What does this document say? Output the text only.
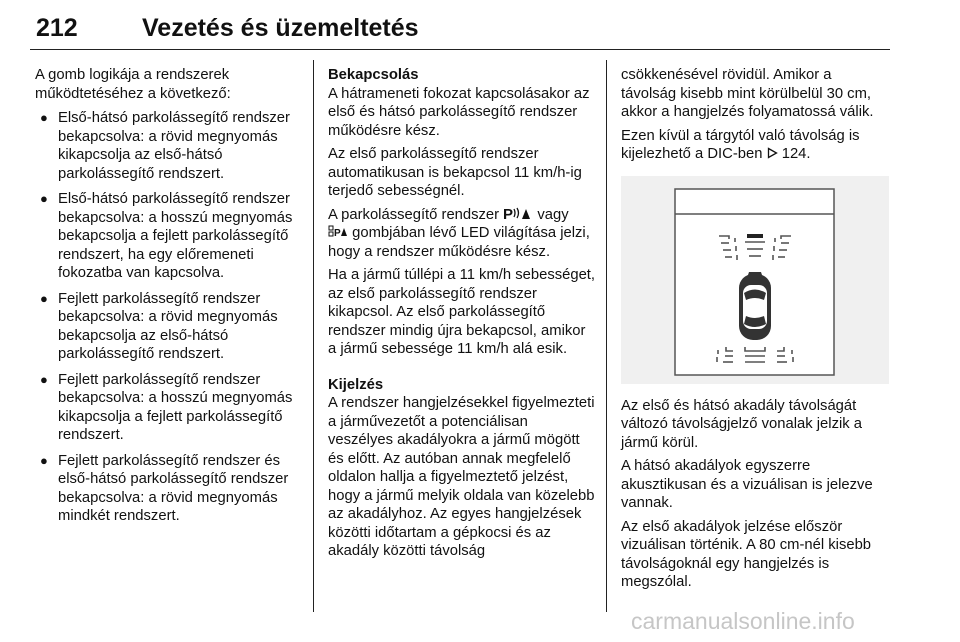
212	Vezetés és üzemeltetés

A gomb logikája a rendszerek működtetéséhez a következő:

● Első-hátsó parkolássegítő rendszer bekapcsolva: a rövid megnyomás kikapcsolja az első-hátsó parkolássegítő rendszert.
● Első-hátsó parkolássegítő rendszer bekapcsolva: a hosszú megnyomás bekapcsolja a fejlett parkolássegítő rendszert, ha egy előremeneti fokozatba van kapcsolva.
● Fejlett parkolássegítő rendszer bekapcsolva: a rövid megnyomás bekapcsolja az első-hátsó parkolássegítő rendszert.
● Fejlett parkolássegítő rendszer bekapcsolva: a hosszú megnyomás kikapcsolja a fejlett parkolássegítő rendszert.
● Fejlett parkolássegítő rendszer és első-hátsó parkolássegítő rendszer bekapcsolva: a rövid megnyomás mindkét rendszert.

Bekapcsolás

A hátrameneti fokozat kapcsolásakor az első és hátsó parkolássegítő rendszer működésre kész.

Az első parkolássegítő rendszer automatikusan is bekapcsol 11 km/h-ig terjedő sebességnél.

A parkolássegítő rendszer P vagy

P gombjában lévő LED világítása jelzi, hogy a rendszer működésre kész.

Ha a jármű túllépi a 11 km/h sebességet, az első parkolássegítő rendszer kikapcsol. Az első parkolássegítő rendszer mindig újra bekapcsol, amikor a jármű sebessége 11 km/h alá esik.

Kijelzés

A rendszer hangjelzésekkel figyelmezteti a járművezetőt a potenciálisan veszélyes akadályokra a jármű mögött és előtt. Az autóban annak megfelelő oldalon hallja a figyelmeztető jelzést, hogy a jármű melyik oldala van közelebb az akadályhoz. Az egyes hangjelzések közötti időtartam a gépkocsi és az akadály közötti távolság

csökkenésével rövidül. Amikor a távolság kisebb mint körülbelül 30 cm, akkor a hangjelzés folyamatossá válik.

Ezen kívül a tárgytól való távolság is kijelezhető a DIC-ben 124.

Az első és hátsó akadály távolságát változó távolságjelző vonalak jelzik a jármű körül.

A hátsó akadályok egyszerre akusztikusan és a vizuálisan is jelezve vannak.

Az első akadályok jelzése először vizuálisan történik. A 80 cm-nél kisebb távolságoknál egy hangjelzés is megszólal.

carmanualsonline.info
